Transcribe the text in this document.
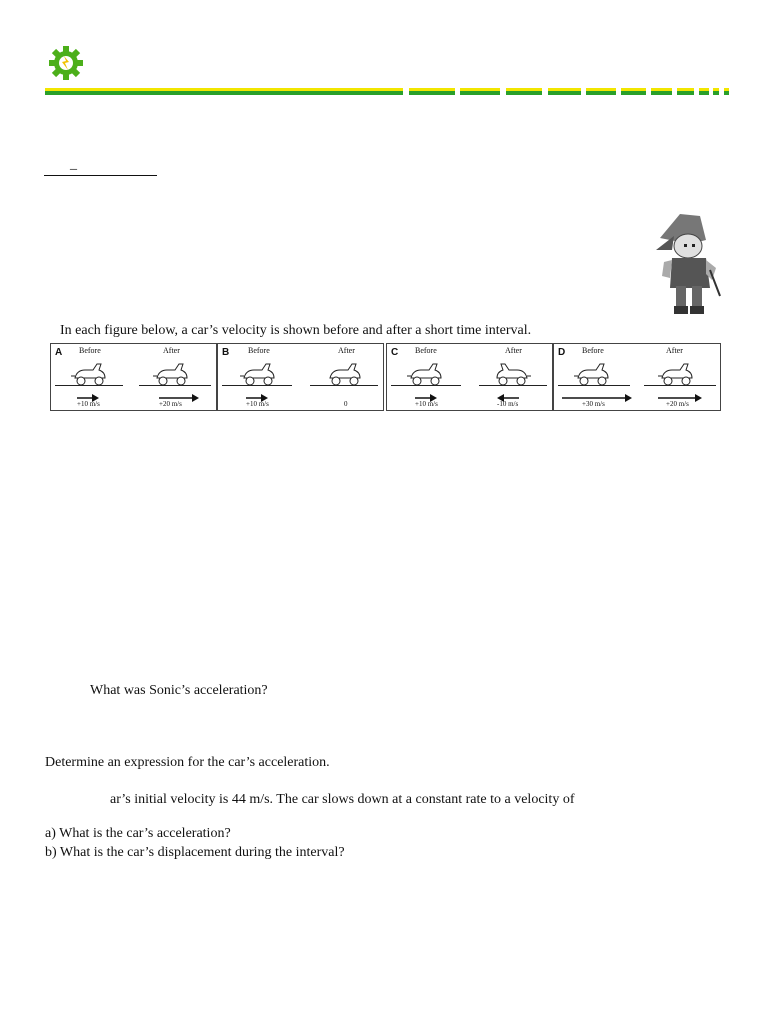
_
In each figure below, a car’s velocity is shown before and after a short time interval.
A Before	After
+10 m/s	+20 m/s
B Before	After
+10 m/s	0
C Before	After
+10 m/s	-10 m/s
D Before	After
+30 m/s	+20 m/s
What was Sonic’s acceleration?
Determine an expression for the car’s acceleration.
ar’s initial velocity is 44 m/s. The car slows down at a constant rate to a velocity of
a) What is the car’s acceleration?
b) What is the car’s displacement during the interval?
